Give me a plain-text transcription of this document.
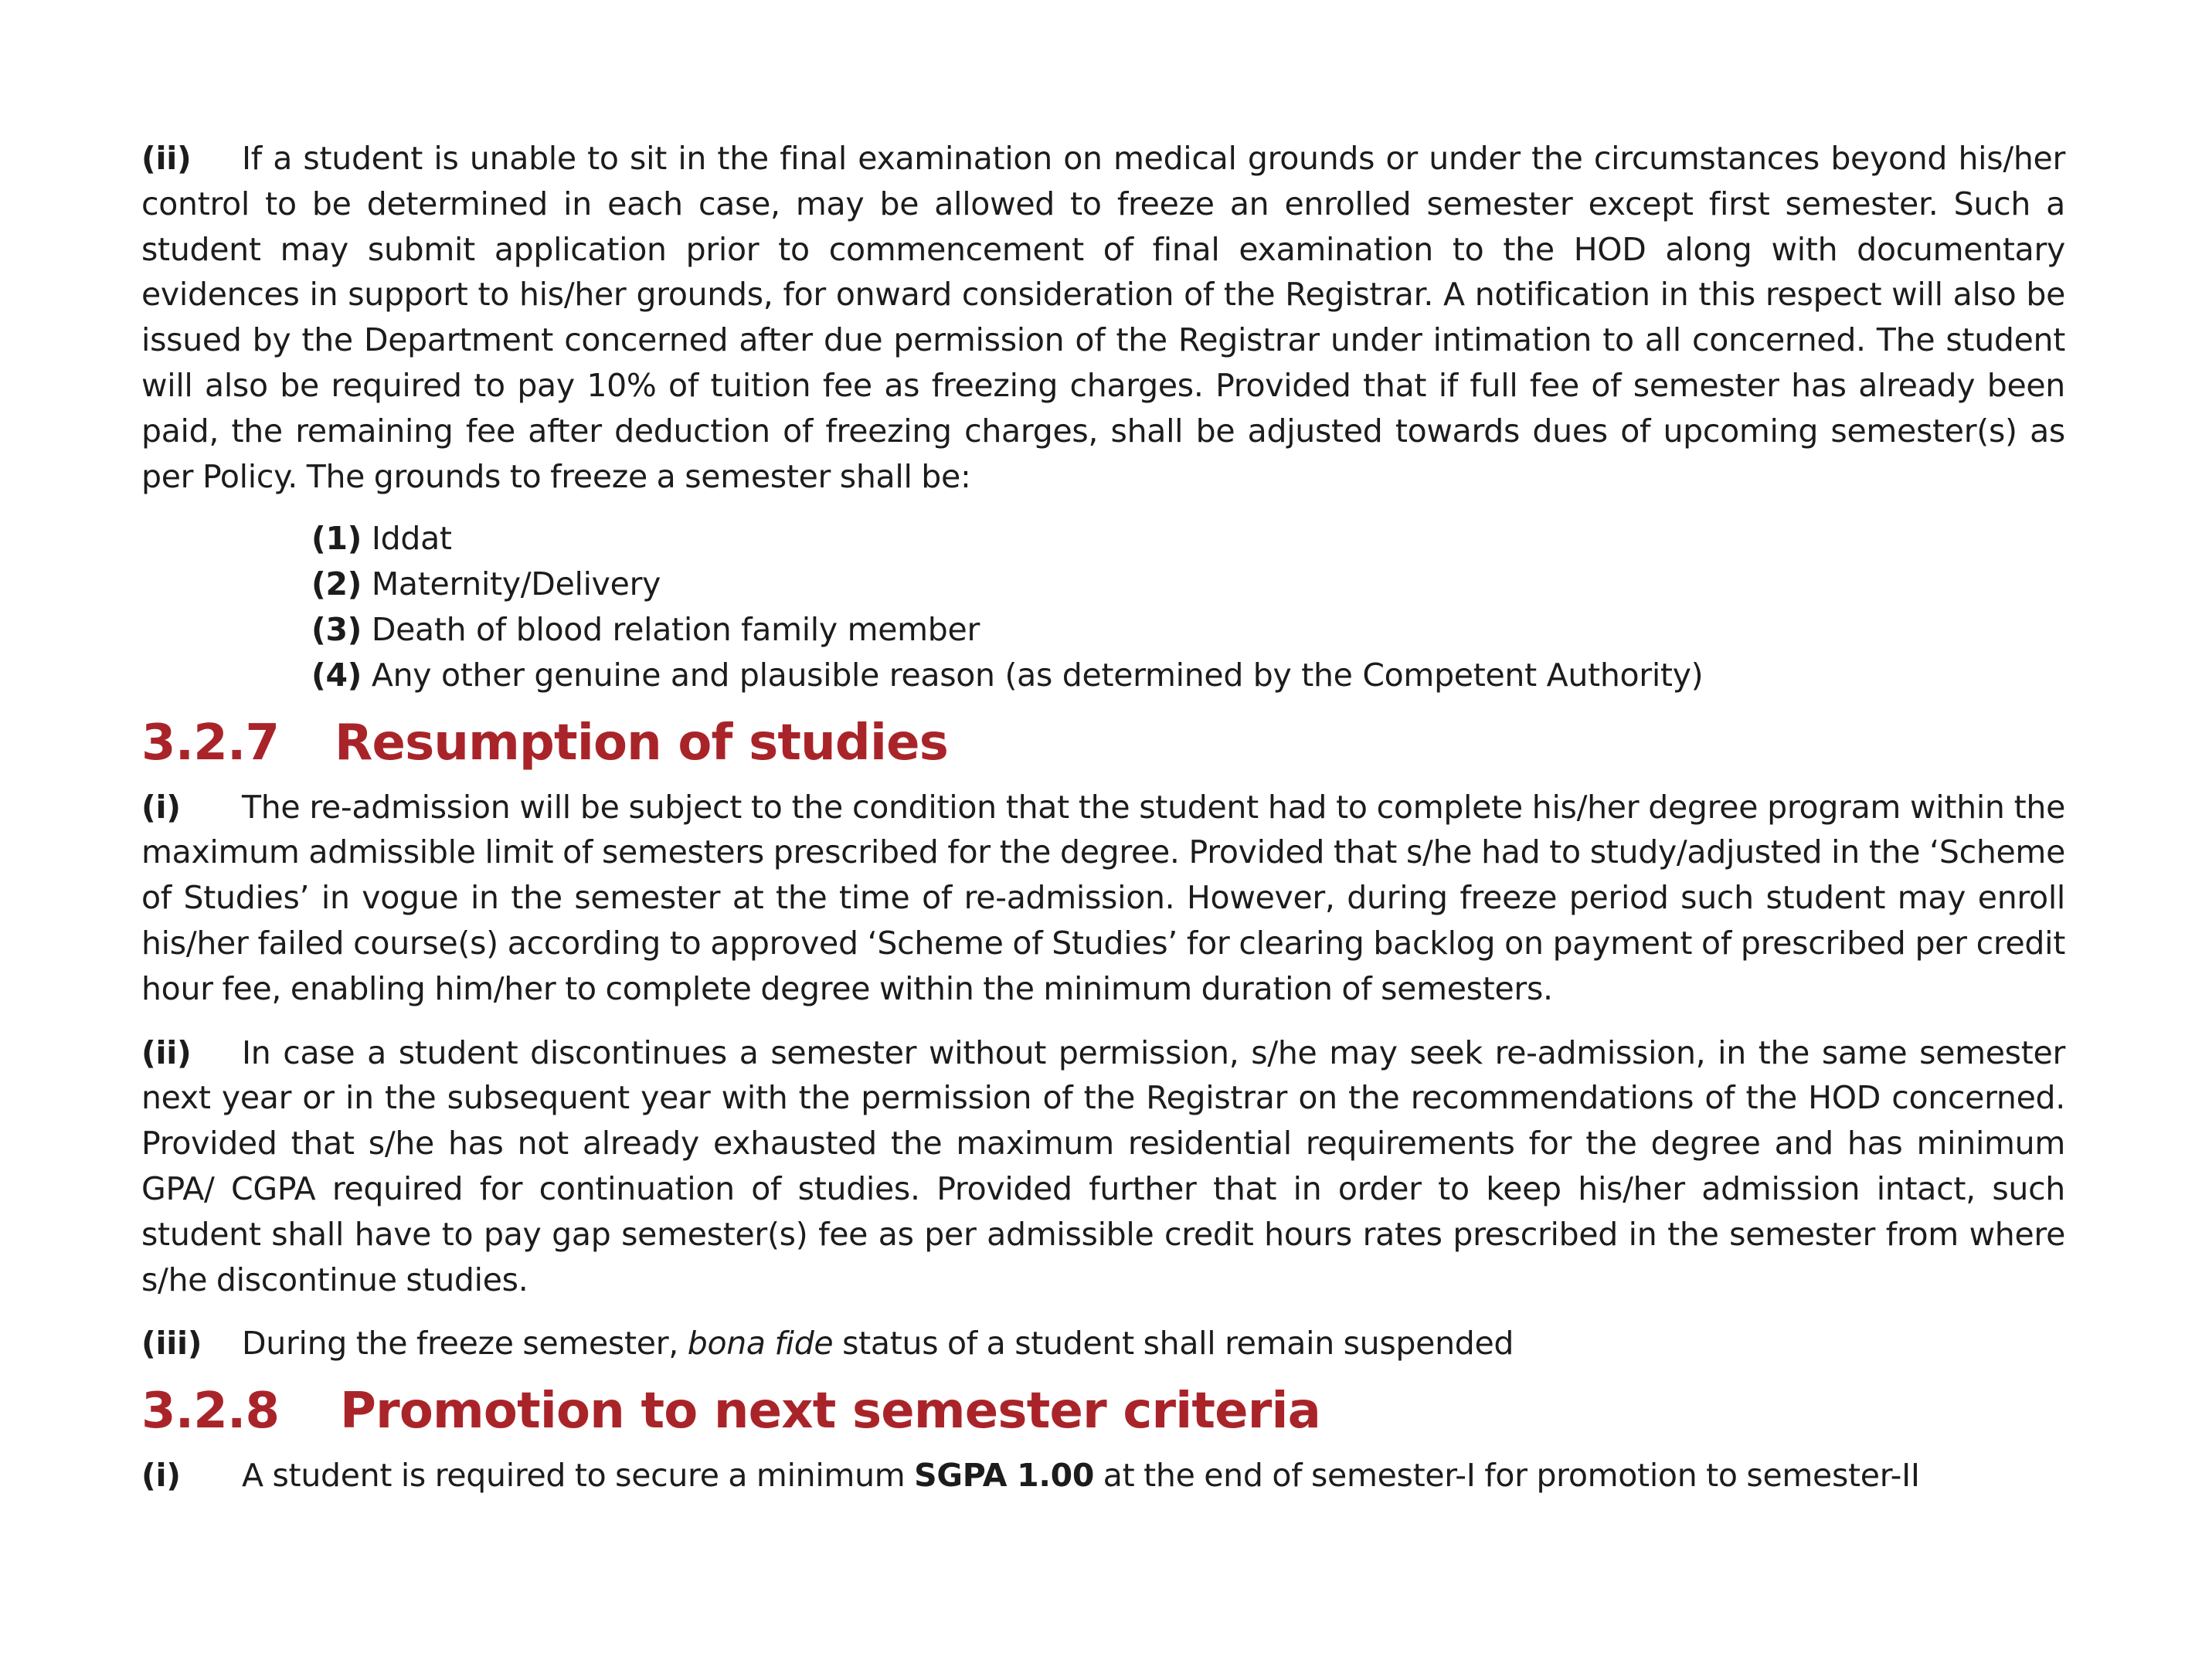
(ii) If a student is unable to sit in the final examination on medical grounds or under the circumstances beyond his/her control to be determined in each case, may be allowed to freeze an enrolled semester except first semester. Such a student may submit application prior to commencement of final examination to the HOD along with documentary evidences in support to his/her grounds, for onward consideration of the Registrar. A notification in this respect will also be issued by the Department concerned after due permission of the Registrar under intimation to all concerned. The student will also be required to pay 10% of tuition fee as freezing charges. Provided that if full fee of semester has already been paid, the remaining fee after deduction of freezing charges, shall be adjusted towards dues of upcoming semester(s) as per Policy. The grounds to freeze a semester shall be:

(1) Iddat
(2) Maternity/Delivery
(3) Death of blood relation family member
(4) Any other genuine and plausible reason (as determined by the Competent Authority)
3.2.7 Resumption of studies

(i) The re-admission will be subject to the condition that the student had to complete his/her degree program within the maximum admissible limit of semesters prescribed for the degree. Provided that s/he had to study/adjusted in the ‘Scheme of Studies’ in vogue in the semester at the time of re-admission. However, during freeze period such student may enroll his/her failed course(s) according to approved ‘Scheme of Studies’ for clearing backlog on payment of prescribed per credit hour fee, enabling him/her to complete degree within the minimum duration of semesters.

(ii) In case a student discontinues a semester without permission, s/he may seek re-admission, in the same semester next year or in the subsequent year with the permission of the Registrar on the recommendations of the HOD concerned. Provided that s/he has not already exhausted the maximum residential requirements for the degree and has minimum GPA/ CGPA required for continuation of studies. Provided further that in order to keep his/her admission intact, such student shall have to pay gap semester(s) fee as per admissible credit hours rates prescribed in the semester from where s/he discontinue studies.

(iii) During the freeze semester, bona fide status of a student shall remain suspended

3.2.8 Promotion to next semester criteria

(i) A student is required to secure a minimum SGPA 1.00 at the end of semester-I for promotion to semester-II
